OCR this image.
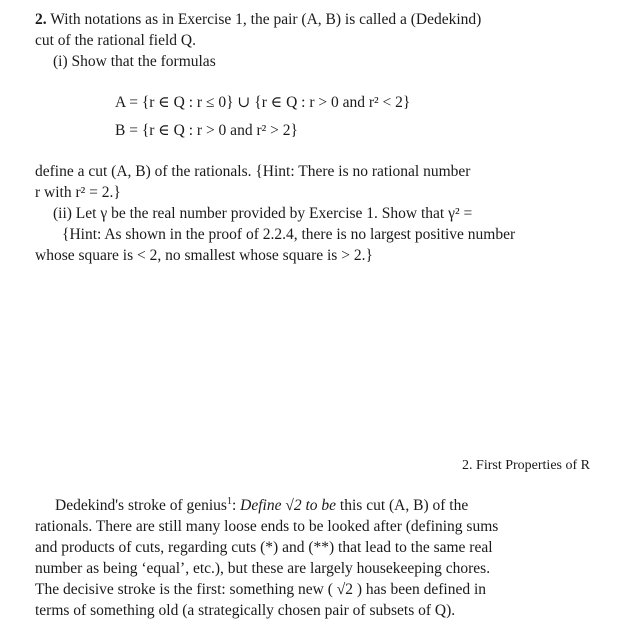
2. With notations as in Exercise 1, the pair (A, B) is called a (Dedekind)
cut of the rational field Q.
(i) Show that the formulas
A = {r ∈ Q : r ≤ 0} ∪ {r ∈ Q : r > 0 and r² < 2}
B = {r ∈ Q : r > 0 and r² > 2}
define a cut (A, B) of the rationals. {Hint: There is no rational number
r with r² = 2.}
(ii) Let γ be the real number provided by Exercise 1. Show that γ² =
{Hint: As shown in the proof of 2.2.4, there is no largest positive number
whose square is < 2, no smallest whose square is > 2.}
2. First Properties of R
Dedekind's stroke of genius$^1$: Define √2 to be this cut (A, B) of the
rationals. There are still many loose ends to be looked after (defining sums
and products of cuts, regarding cuts (*) and (**) that lead to the same real
number as being ‘equal’, etc.), but these are largely housekeeping chores.
The decisive stroke is the first: something new ( √2 ) has been defined in
terms of something old (a strategically chosen pair of subsets of Q).
